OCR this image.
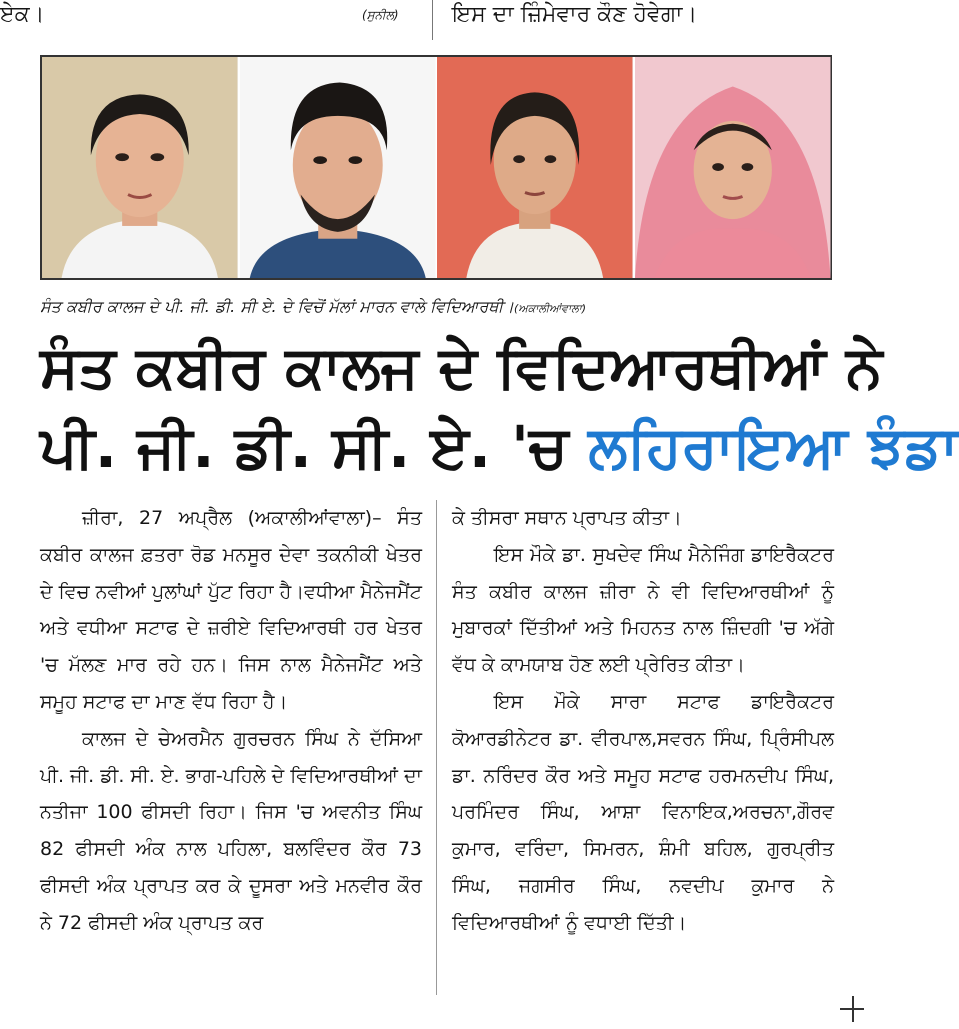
ਏਕ।	(ਸੁਨੀਲ) ਇਸ ਦਾ ਜ਼ਿੰਮੇਵਾਰ ਕੌਣ ਹੋਵੇਗਾ।
ਸੰਤ ਕਬੀਰ ਕਾਲਜ ਦੇ ਪੀ. ਜੀ. ਡੀ. ਸੀ ਏ. ਦੇ ਵਿਚੋਂ ਮੱਲਾਂ ਮਾਰਨ ਵਾਲੇ ਵਿਦਿਆਰਥੀ।(ਅਕਾਲੀਆਂਵਾਲਾ)
ਸੰਤ ਕਬੀਰ ਕਾਲਜ ਦੇ ਵਿਦਿਆਰਥੀਆਂ ਨੇ
ਪੀ. ਜੀ. ਡੀ. ਸੀ. ਏ. 'ਚ ਲਹਿਰਾਇਆ ਝੰਡਾ

ਜ਼ੀਰਾ, 27 ਅਪ੍ਰੈਲ (ਅਕਾਲੀਆਂਵਾਲਾ)– ਸੰਤ ਕਬੀਰ ਕਾਲਜ ਫ਼ਤਰਾ ਰੋਡ ਮਨਸੂਰ ਦੇਵਾ ਤਕਨੀਕੀ ਖੇਤਰ ਦੇ ਵਿਚ ਨਵੀਆਂ ਪੁਲਾਂਘਾਂ ਪੁੱਟ ਰਿਹਾ ਹੈ।ਵਧੀਆ ਮੈਨੇਜਮੈਂਟ ਅਤੇ ਵਧੀਆ ਸਟਾਫ ਦੇ ਜ਼ਰੀਏ ਵਿਦਿਆਰਥੀ ਹਰ ਖੇਤਰ 'ਚ ਮੱਲਣ ਮਾਰ ਰਹੇ ਹਨ। ਜਿਸ ਨਾਲ ਮੈਨੇਜਮੈਂਟ ਅਤੇ ਸਮੂਹ ਸਟਾਫ ਦਾ ਮਾਣ ਵੱਧ ਰਿਹਾ ਹੈ।

ਕਾਲਜ ਦੇ ਚੇਅਰਮੈਨ ਗੁਰਚਰਨ ਸਿੰਘ ਨੇ ਦੱਸਿਆ ਪੀ. ਜੀ. ਡੀ. ਸੀ. ਏ. ਭਾਗ-ਪਹਿਲੇ ਦੇ ਵਿਦਿਆਰਥੀਆਂ ਦਾ ਨਤੀਜਾ 100 ਫੀਸਦੀ ਰਿਹਾ। ਜਿਸ 'ਚ ਅਵਨੀਤ ਸਿੰਘ 82 ਫੀਸਦੀ ਅੰਕ ਨਾਲ ਪਹਿਲਾ, ਬਲਵਿੰਦਰ ਕੌਰ 73 ਫੀਸਦੀ ਅੰਕ ਪ੍ਰਾਪਤ ਕਰ ਕੇ ਦੂਸਰਾ ਅਤੇ ਮਨਵੀਰ ਕੌਰ ਨੇ 72 ਫੀਸਦੀ ਅੰਕ ਪ੍ਰਾਪਤ ਕਰ

ਕੇ ਤੀਸਰਾ ਸਥਾਨ ਪ੍ਰਾਪਤ ਕੀਤਾ।

ਇਸ ਮੌਕੇ ਡਾ. ਸੁਖਦੇਵ ਸਿੰਘ ਮੈਨੇਜਿੰਗ ਡਾਇਰੈਕਟਰ ਸੰਤ ਕਬੀਰ ਕਾਲਜ ਜ਼ੀਰਾ ਨੇ ਵੀ ਵਿਦਿਆਰਥੀਆਂ ਨੂੰ ਮੁਬਾਰਕਾਂ ਦਿੱਤੀਆਂ ਅਤੇ ਮਿਹਨਤ ਨਾਲ ਜ਼ਿੰਦਗੀ 'ਚ ਅੱਗੇ ਵੱਧ ਕੇ ਕਾਮਯਾਬ ਹੋਣ ਲਈ ਪ੍ਰੇਰਿਤ ਕੀਤਾ।

ਇਸ ਮੌਕੇ ਸਾਰਾ ਸਟਾਫ ਡਾਇਰੈਕਟਰ ਕੋਆਰਡੀਨੇਟਰ ਡਾ. ਵੀਰਪਾਲ,ਸਵਰਨ ਸਿੰਘ, ਪ੍ਰਿੰਸੀਪਲ ਡਾ. ਨਰਿੰਦਰ ਕੌਰ ਅਤੇ ਸਮੂਹ ਸਟਾਫ ਹਰਮਨਦੀਪ ਸਿੰਘ, ਪਰਮਿੰਦਰ ਸਿੰਘ, ਆਸ਼ਾ ਵਿਨਾਇਕ,ਅਰਚਨਾ,ਗੌਰਵ ਕੁਮਾਰ, ਵਰਿੰਦਾ, ਸਿਮਰਨ, ਸ਼ੰਮੀ ਬਹਿਲ, ਗੁਰਪ੍ਰੀਤ ਸਿੰਘ, ਜਗਸੀਰ ਸਿੰਘ, ਨਵਦੀਪ ਕੁਮਾਰ ਨੇ ਵਿਦਿਆਰਥੀਆਂ ਨੂੰ ਵਧਾਈ ਦਿੱਤੀ।
